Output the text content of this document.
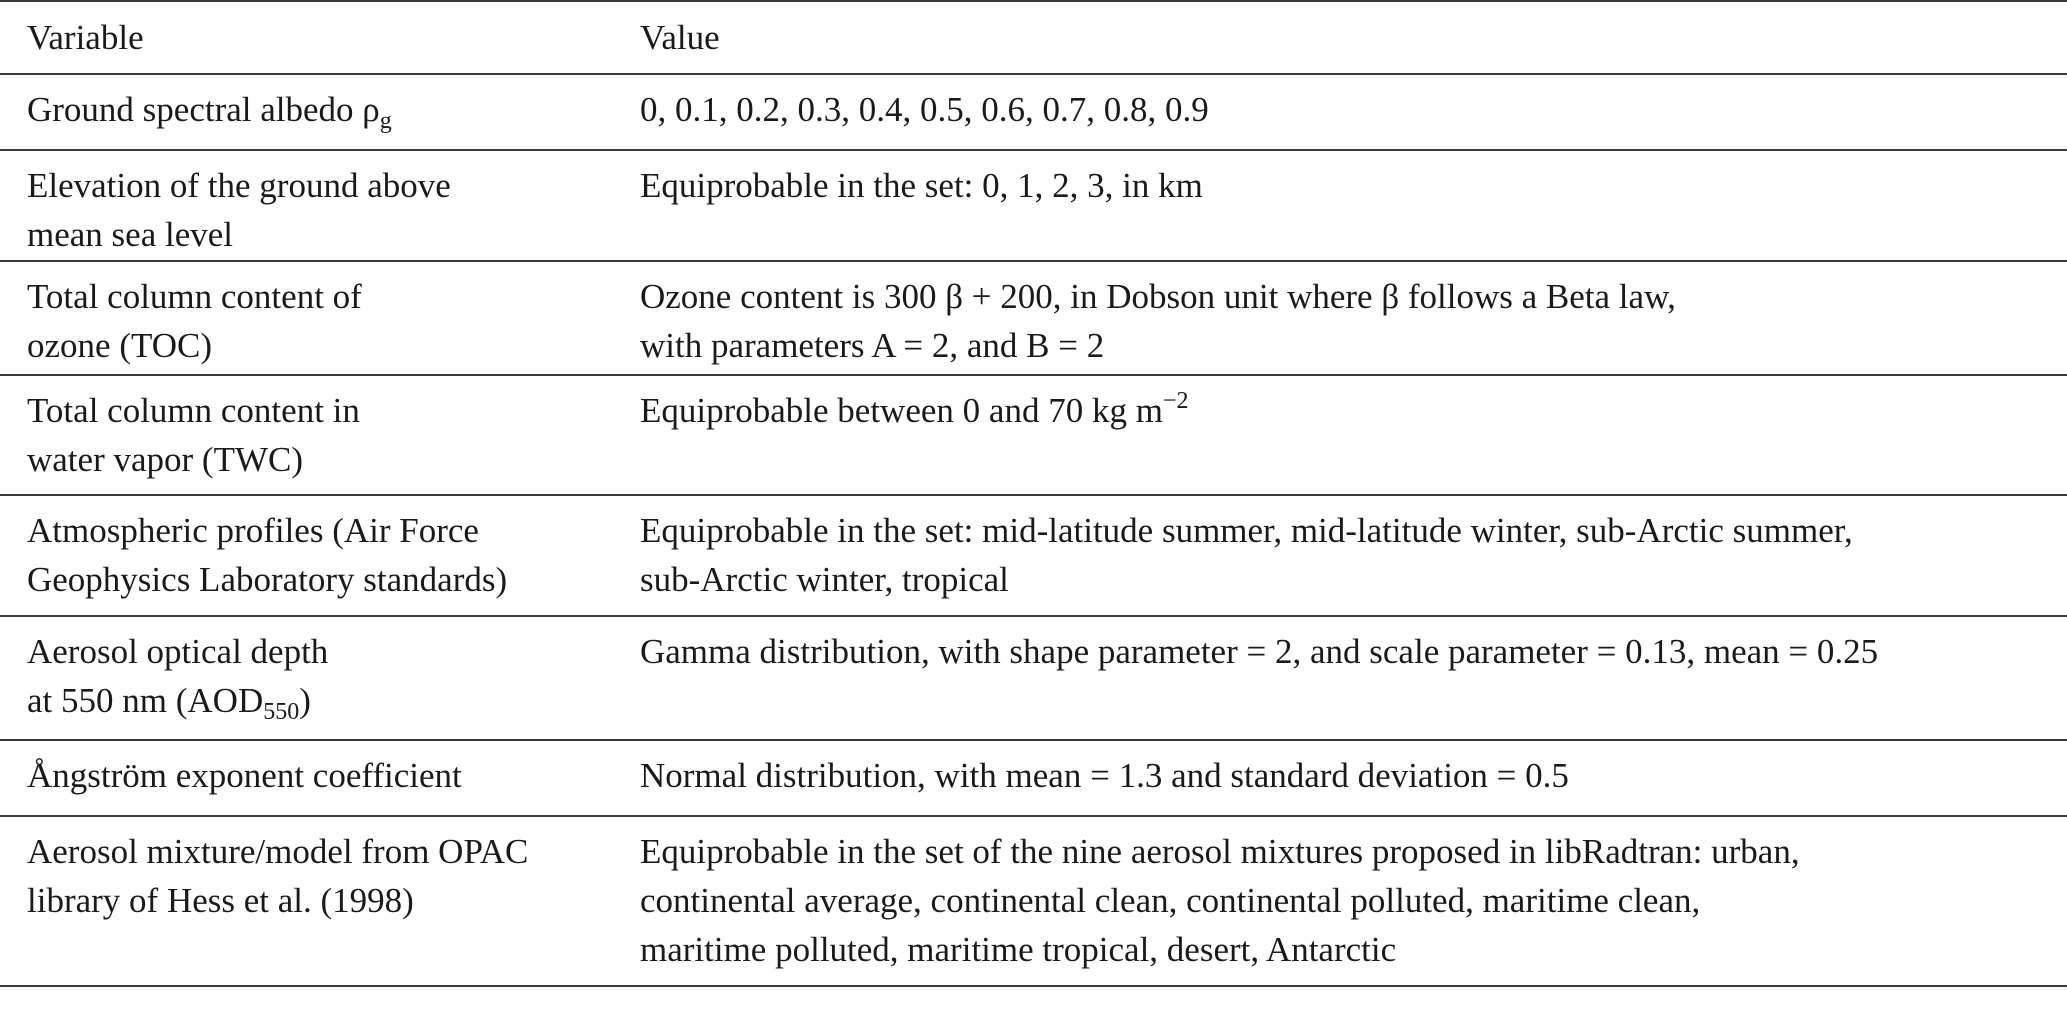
Variable	Value

Ground spectral albedo $\rho_g$	0, 0.1, 0.2, 0.3, 0.4, 0.5, 0.6, 0.7, 0.8, 0.9

Elevation of the ground above
mean sea level	Equiprobable in the set: 0, 1, 2, 3, in km

Total column content of
ozone (TOC)	Ozone content is 300 β + 200, in Dobson unit where β follows a Beta law,
with parameters A = 2, and B = 2

Total column content in
water vapor (TWC)	Equiprobable between 0 and 70 kg $m^{-2}$

Atmospheric profiles (Air Force
Geophysics Laboratory standards)	Equiprobable in the set: mid-latitude summer, mid-latitude winter, sub-Arctic summer,
sub-Arctic winter, tropical

Aerosol optical depth
at 550 nm $(AOD_{550})$	Gamma distribution, with shape parameter = 2, and scale parameter = 0.13, mean = 0.25

Ångström exponent coefficient	Normal distribution, with mean = 1.3 and standard deviation = 0.5

Aerosol mixture/model from OPAC
library of Hess et al. (1998)	Equiprobable in the set of the nine aerosol mixtures proposed in libRadtran: urban,
continental average, continental clean, continental polluted, maritime clean,
maritime polluted, maritime tropical, desert, Antarctic
